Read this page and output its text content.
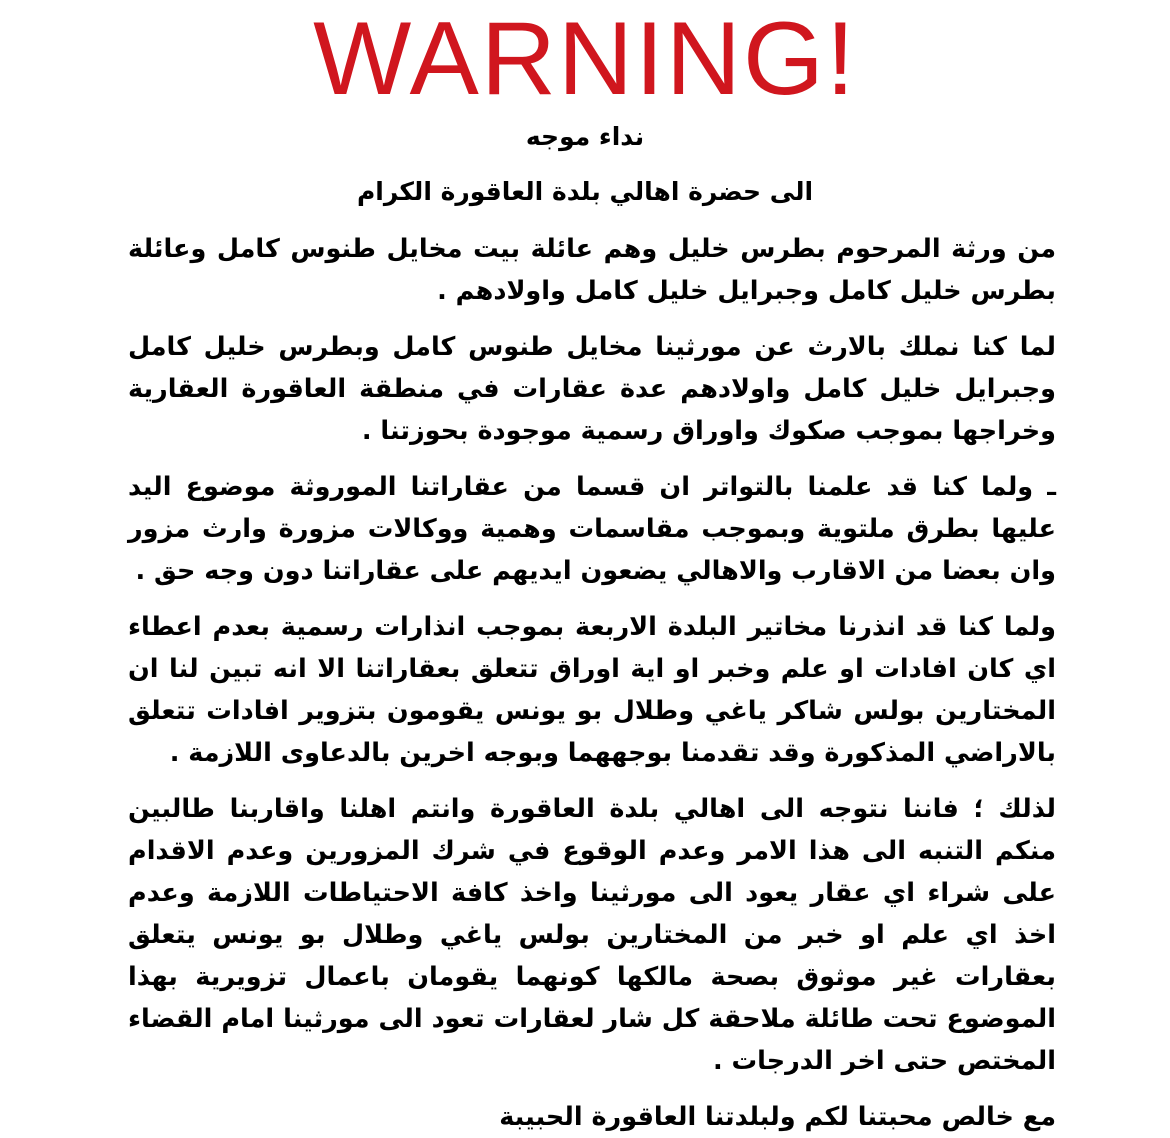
WARNING!

نداء موجه

الى حضرة اهالي بلدة العاقورة الكرام

من ورثة المرحوم بطرس خليل وهم عائلة بيت مخايل طنوس كامل وعائلة بطرس خليل كامل وجبرايل خليل كامل واولادهم .

لما كنا نملك بالارث عن مورثينا مخايل طنوس كامل وبطرس خليل كامل وجبرايل خليل كامل واولادهم عدة عقارات في منطقة العاقورة العقارية وخراجها بموجب صكوك واوراق رسمية موجودة بحوزتنا .

ـ ولما كنا قد علمنا بالتواتر ان قسما من عقاراتنا الموروثة موضوع اليد عليها بطرق ملتوية وبموجب مقاسمات وهمية ووكالات مزورة وارث مزور وان بعضا من الاقارب والاهالي يضعون ايديهم على عقاراتنا دون وجه حق .

ولما كنا قد انذرنا مخاتير البلدة الاربعة بموجب انذارات رسمية بعدم اعطاء اي كان افادات او علم وخبر او اية اوراق تتعلق بعقاراتنا الا انه تبين لنا ان المختارين بولس شاكر ياغي وطلال بو يونس يقومون بتزوير افادات تتعلق بالاراضي المذكورة وقد تقدمنا بوجههما وبوجه اخرين بالدعاوى اللازمة .

لذلك ؛ فاننا نتوجه الى اهالي بلدة العاقورة وانتم اهلنا واقاربنا طالبين منكم التنبه الى هذا الامر وعدم الوقوع في شرك المزورين وعدم الاقدام على شراء اي عقار يعود الى مورثينا واخذ كافة الاحتياطات اللازمة وعدم اخذ اي علم او خبر من المختارين بولس ياغي وطلال بو يونس يتعلق بعقارات غير موثوق بصحة مالكها كونهما يقومان باعمال تزويرية بهذا الموضوع تحت طائلة ملاحقة كل شار لعقارات تعود الى مورثينا امام القضاء المختص حتى اخر الدرجات .

مع خالص محبتنا لكم ولبلدتنا العاقورة الحبيبة
